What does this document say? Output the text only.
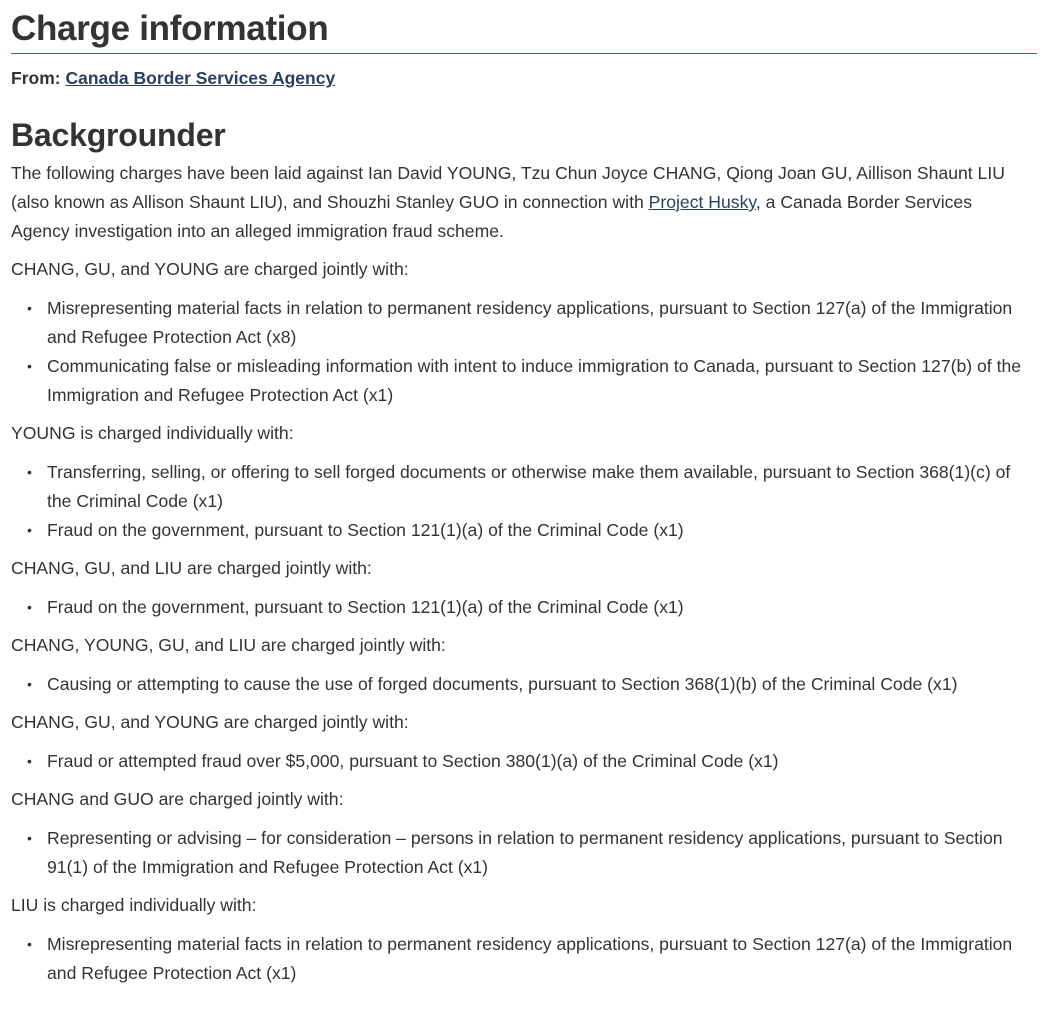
Charge information
From: Canada Border Services Agency
Backgrounder

The following charges have been laid against Ian David YOUNG, Tzu Chun Joyce CHANG, Qiong Joan GU, Aillison Shaunt LIU (also known as Allison Shaunt LIU), and Shouzhi Stanley GUO in connection with Project Husky, a Canada Border Services Agency investigation into an alleged immigration fraud scheme.

CHANG, GU, and YOUNG are charged jointly with:

• Misrepresenting material facts in relation to permanent residency applications, pursuant to Section 127(a) of the Immigration and Refugee Protection Act (x8)
• Communicating false or misleading information with intent to induce immigration to Canada, pursuant to Section 127(b) of the Immigration and Refugee Protection Act (x1)

YOUNG is charged individually with:

• Transferring, selling, or offering to sell forged documents or otherwise make them available, pursuant to Section 368(1)(c) of the Criminal Code (x1)
• Fraud on the government, pursuant to Section 121(1)(a) of the Criminal Code (x1)

CHANG, GU, and LIU are charged jointly with:

• Fraud on the government, pursuant to Section 121(1)(a) of the Criminal Code (x1)

CHANG, YOUNG, GU, and LIU are charged jointly with:

• Causing or attempting to cause the use of forged documents, pursuant to Section 368(1)(b) of the Criminal Code (x1)

CHANG, GU, and YOUNG are charged jointly with:

• Fraud or attempted fraud over $5,000, pursuant to Section 380(1)(a) of the Criminal Code (x1)

CHANG and GUO are charged jointly with:

• Representing or advising – for consideration – persons in relation to permanent residency applications, pursuant to Section 91(1) of the Immigration and Refugee Protection Act (x1)

LIU is charged individually with:

• Misrepresenting material facts in relation to permanent residency applications, pursuant to Section 127(a) of the Immigration and Refugee Protection Act (x1)
